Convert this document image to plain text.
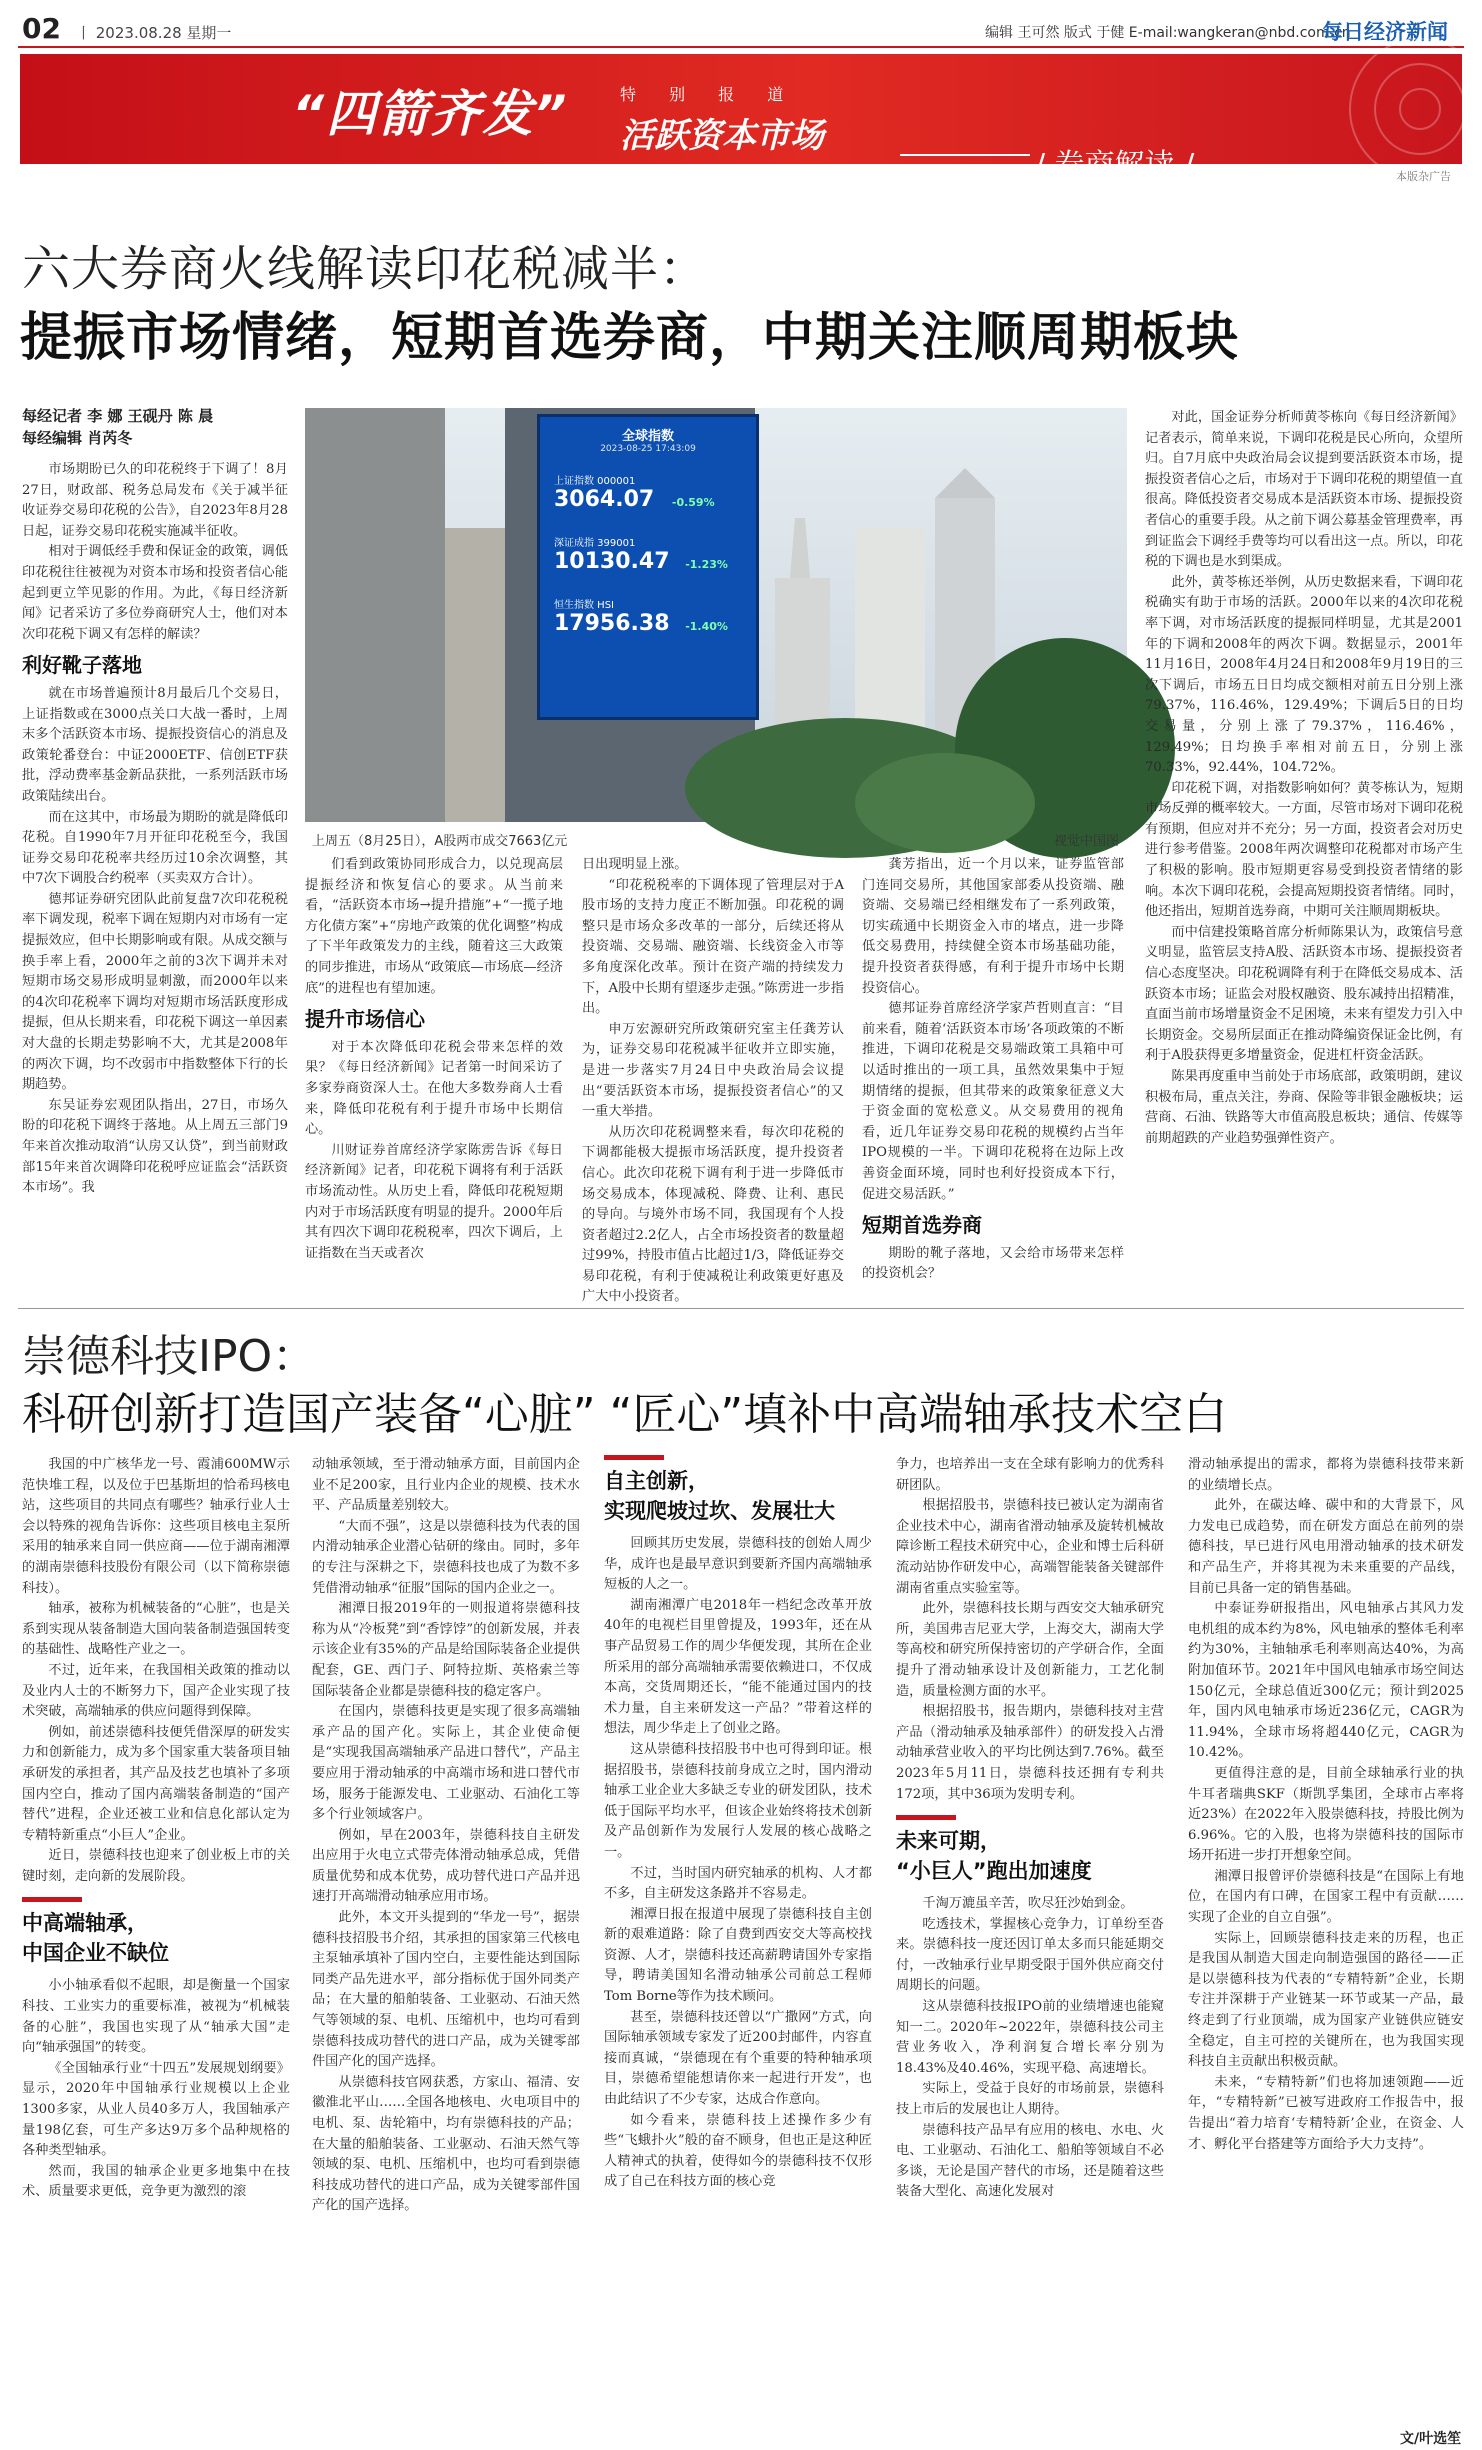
02 丨 2023.08.28 星期一	编辑 王可然 版式 于健 E-mail:wangkeran@nbd.com.cn
每日经济新闻
“四箭齐发”	特 别 报 道
活跃资本市场
/ 券商解读 /	本版杂广告
六大券商火线解读印花税减半：
提振市场情绪，短期首选券商，中期关注顺周期板块
每经记者 李 娜 王砚丹 陈 晨
每经编辑 肖芮冬

市场期盼已久的印花税终于下调了！8月27日，财政部、税务总局发布《关于减半征收证券交易印花税的公告》，自2023年8月28日起，证券交易印花税实施减半征收。

相对于调低经手费和保证金的政策，调低印花税往往被视为对资本市场和投资者信心能起到更立竿见影的作用。为此，《每日经济新闻》记者采访了多位券商研究人士，他们对本次印花税下调又有怎样的解读？

利好靴子落地

就在市场普遍预计8月最后几个交易日，上证指数或在3000点关口大战一番时，上周末多个活跃资本市场、提振投资信心的消息及政策轮番登台：中证2000ETF、信创ETF获批，浮动费率基金新品获批，一系列活跃市场政策陆续出台。

而在这其中，市场最为期盼的就是降低印花税。自1990年7月开征印花税至今，我国证券交易印花税率共经历过10余次调整，其中7次下调股合约税率（买卖双方合计）。

德邦证券研究团队此前复盘7次印花税税率下调发现，税率下调在短期内对市场有一定提振效应，但中长期影响或有限。从成交额与换手率上看，2000年之前的3次下调并未对短期市场交易形成明显刺激，而2000年以来的4次印花税率下调均对短期市场活跃度形成提振，但从长期来看，印花税下调这一单因素对大盘的长期走势影响不大，尤其是2008年的两次下调，均不改弱市中指数整体下行的长期趋势。

东吴证券宏观团队指出，27日，市场久盼的印花税下调终于落地。从上周五三部门9年来首次推动取消“认房又认贷”，到当前财政部15年来首次调降印花税呼应证监会“活跃资本市场”。我

全球指数
2023-08-25 17:43:09
上证指数 000001
3064.07 -0.59%
深证成指 399001
10130.47 -1.23%
恒生指数 HSI
17956.38 -1.40%
上周五（8月25日），A股两市成交7663亿元	视觉中国图

们看到政策协同形成合力，以兑现高层提振经济和恢复信心的要求。从当前来看，“活跃资本市场→提升措施”+“一揽子地方化债方案”+“房地产政策的优化调整”构成了下半年政策发力的主线，随着这三大政策的同步推进，市场从“政策底—市场底—经济底”的进程也有望加速。

提升市场信心

对于本次降低印花税会带来怎样的效果？《每日经济新闻》记者第一时间采访了多家券商资深人士。在他大多数券商人士看来，降低印花税有利于提升市场中长期信心。

川财证券首席经济学家陈雳告诉《每日经济新闻》记者，印花税下调将有利于活跃市场流动性。从历史上看，降低印花税短期内对于市场活跃度有明显的提升。2000年后其有四次下调印花税税率，四次下调后，上证指数在当天或者次

日出现明显上涨。

“印花税税率的下调体现了管理层对于A股市场的支持力度正不断加强。印花税的调整只是市场众多改革的一部分，后续还将从投资端、交易端、融资端、长线资金入市等多角度深化改革。预计在资产端的持续发力下，A股中长期有望逐步走强。”陈雳进一步指出。

申万宏源研究所政策研究室主任龚芳认为，证券交易印花税减半征收并立即实施，是进一步落实7月24日中央政治局会议提出“要活跃资本市场，提振投资者信心”的又一重大举措。

从历次印花税调整来看，每次印花税的下调都能极大提振市场活跃度，提升投资者信心。此次印花税下调有利于进一步降低市场交易成本，体现减税、降费、让利、惠民的导向。与境外市场不同，我国现有个人投资者超过2.2亿人，占全市场投资者的数量超过99%，持股市值占比超过1/3，降低证券交易印花税，有利于使减税让利政策更好惠及广大中小投资者。

龚芳指出，近一个月以来，证券监管部门连同交易所，其他国家部委从投资端、融资端、交易端已经相继发布了一系列政策，切实疏通中长期资金入市的堵点，进一步降低交易费用，持续健全资本市场基础功能，提升投资者获得感，有利于提升市场中长期投资信心。

德邦证券首席经济学家芦哲则直言：“目前来看，随着‘活跃资本市场’各项政策的不断推进，下调印花税是交易端政策工具箱中可以适时推出的一项工具，虽然效果集中于短期情绪的提振，但其带来的政策象征意义大于资金面的宽松意义。从交易费用的视角看，近几年证券交易印花税的规模约占当年IPO规模的一半。下调印花税将在边际上改善资金面环境，同时也利好投资成本下行，促进交易活跃。”

短期首选券商

期盼的靴子落地，又会给市场带来怎样的投资机会？

对此，国金证券分析师黄苓栋向《每日经济新闻》记者表示，简单来说，下调印花税是民心所向，众望所归。自7月底中央政治局会议提到要活跃资本市场，提振投资者信心之后，市场对于下调印花税的期望值一直很高。降低投资者交易成本是活跃资本市场、提振投资者信心的重要手段。从之前下调公募基金管理费率，再到证监会下调经手费等均可以看出这一点。所以，印花税的下调也是水到渠成。

此外，黄苓栋还举例，从历史数据来看，下调印花税确实有助于市场的活跃。2000年以来的4次印花税率下调，对市场活跃度的提振同样明显，尤其是2001年的下调和2008年的两次下调。数据显示，2001年11月16日，2008年4月24日和2008年9月19日的三次下调后，市场五日日均成交额相对前五日分别上涨79.37%，116.46%，129.49%；下调后5日的日均交易量，分别上涨了79.37%，116.46%，129.49%；日均换手率相对前五日，分别上涨70.33%，92.44%，104.72%。

印花税下调，对指数影响如何？黄苓栋认为，短期市场反弹的概率较大。一方面，尽管市场对下调印花税有预期，但应对并不充分；另一方面，投资者会对历史进行参考借鉴。2008年两次调整印花税都对市场产生了积极的影响。股市短期更容易受到投资者情绪的影响。本次下调印花税，会提高短期投资者情绪。同时，他还指出，短期首选券商，中期可关注顺周期板块。

而中信建投策略首席分析师陈果认为，政策信号意义明显，监管层支持A股、活跃资本市场、提振投资者信心态度坚决。印花税调降有利于在降低交易成本、活跃资本市场；证监会对股权融资、股东减持出招精准，直面当前市场增量资金不足困境，未来有望发力引入中长期资金。交易所层面正在推动降编资保证金比例，有利于A股获得更多增量资金，促进杠杆资金活跃。

陈果再度重申当前处于市场底部，政策明朗，建议积极布局，重点关注，券商、保险等非银金融板块；运营商、石油、铁路等大市值高股息板块；通信、传媒等前期超跌的产业趋势强弹性资产。

崇德科技IPO：
科研创新打造国产装备“心脏” “匠心”填补中高端轴承技术空白

我国的中广核华龙一号、霞浦600MW示范快堆工程，以及位于巴基斯坦的恰希玛核电站，这些项目的共同点有哪些？轴承行业人士会以特殊的视角告诉你：这些项目核电主泵所采用的轴承来自同一供应商——位于湖南湘潭的湖南崇德科技股份有限公司（以下简称崇德科技）。

轴承，被称为机械装备的“心脏”，也是关系到实现从装备制造大国向装备制造强国转变的基础性、战略性产业之一。

不过，近年来，在我国相关政策的推动以及业内人士的不断努力下，国产企业实现了技术突破，高端轴承的供应问题得到保障。

例如，前述崇德科技便凭借深厚的研发实力和创新能力，成为多个国家重大装备项目轴承研发的承担者，其产品及技艺也填补了多项国内空白，推动了国内高端装备制造的“国产替代”进程，企业还被工业和信息化部认定为专精特新重点“小巨人”企业。

近日，崇德科技也迎来了创业板上市的关键时刻，走向新的发展阶段。

中高端轴承，
中国企业不缺位

小小轴承看似不起眼，却是衡量一个国家科技、工业实力的重要标准，被视为“机械装备的心脏”，我国也实现了从“轴承大国”走向“轴承强国”的转变。

《全国轴承行业“十四五”发展规划纲要》显示，2020年中国轴承行业规模以上企业1300多家，从业人员40多万人，我国轴承产量198亿套，可生产多达9万多个品种规格的各种类型轴承。

然而，我国的轴承企业更多地集中在技术、质量要求更低，竞争更为激烈的滚

动轴承领域，至于滑动轴承方面，目前国内企业不足200家，且行业内企业的规模、技术水平、产品质量差别较大。

“大而不强”，这是以崇德科技为代表的国内滑动轴承企业潜心钻研的缘由。同时，多年的专注与深耕之下，崇德科技也成了为数不多凭借滑动轴承“征服”国际的国内企业之一。

湘潭日报2019年的一则报道将崇德科技称为从“冷板凳”到“香饽饽”的创新发展，并表示该企业有35%的产品是给国际装备企业提供配套，GE、西门子、阿特拉斯、英格索兰等国际装备企业都是崇德科技的稳定客户。

在国内，崇德科技更是实现了很多高端轴承产品的国产化。实际上，其企业使命便是“实现我国高端轴承产品进口替代”，产品主要应用于滑动轴承的中高端市场和进口替代市场，服务于能源发电、工业驱动、石油化工等多个行业领域客户。

例如，早在2003年，崇德科技自主研发出应用于火电立式带壳体滑动轴承总成，凭借质量优势和成本优势，成功替代进口产品并迅速打开高端滑动轴承应用市场。

此外，本文开头提到的“华龙一号”，据崇德科技招股书介绍，其承担的国家第三代核电主泵轴承填补了国内空白，主要性能达到国际同类产品先进水平，部分指标优于国外同类产品；在大量的船舶装备、工业驱动、石油天然气等领域的泵、电机、压缩机中，也均可看到崇德科技成功替代的进口产品，成为关键零部件国产化的国产选择。

从崇德科技官网获悉，方家山、福清、安徽淮北平山……全国各地核电、火电项目中的电机、泵、齿轮箱中，均有崇德科技的产品；在大量的船舶装备、工业驱动、石油天然气等领域的泵、电机、压缩机中，也均可看到崇德科技成功替代的进口产品，成为关键零部件国产化的国产选择。

自主创新，
实现爬坡过坎、发展壮大

回顾其历史发展，崇德科技的创始人周少华，成许也是最早意识到要新齐国内高端轴承短板的人之一。

湖南湘潭广电2018年一档纪念改革开放40年的电视栏目里曾提及，1993年，还在从事产品贸易工作的周少华便发现，其所在企业所采用的部分高端轴承需要依赖进口，不仅成本高，交货周期还长，“能不能通过国内的技术力量，自主来研发这一产品？”带着这样的想法，周少华走上了创业之路。

这从崇德科技招股书中也可得到印证。根据招股书，崇德科技前身成立之时，国内滑动轴承工业企业大多缺乏专业的研发团队，技术低于国际平均水平，但该企业始终将技术创新及产品创新作为发展行人发展的核心战略之一。

不过，当时国内研究轴承的机构、人才都不多，自主研发这条路并不容易走。

湘潭日报在报道中展现了崇德科技自主创新的艰难道路：除了自费到西安交大等高校找资源、人才，崇德科技还高薪聘请国外专家指导，聘请美国知名滑动轴承公司前总工程师Tom Borne等作为技术顾问。

甚至，崇德科技还曾以“广撒网”方式，向国际轴承领域专家发了近200封邮件，内容直接而真诚，“崇德现在有个重要的特种轴承项目，崇德希望能想请你来一起进行开发”，也由此结识了不少专家，达成合作意向。

如今看来，崇德科技上述操作多少有些“飞蛾扑火”般的奋不顾身，但也正是这种匠人精神式的执着，使得如今的崇德科技不仅形成了自己在科技方面的核心竞

争力，也培养出一支在全球有影响力的优秀科研团队。

根据招股书，崇德科技已被认定为湖南省企业技术中心，湖南省滑动轴承及旋转机械故障诊断工程技术研究中心，企业和博士后科研流动站协作研发中心，高端智能装备关键部件湖南省重点实验室等。

此外，崇德科技长期与西安交大轴承研究所，美国弗吉尼亚大学，上海交大，湖南大学等高校和研究所保持密切的产学研合作，全面提升了滑动轴承设计及创新能力，工艺化制造，质量检测方面的水平。

根据招股书，报告期内，崇德科技对主营产品（滑动轴承及轴承部件）的研发投入占滑动轴承营业收入的平均比例达到7.76%。截至2023年5月11日，崇德科技还拥有专利共172项，其中36项为发明专利。

未来可期，
“小巨人”跑出加速度

千淘万漉虽辛苦，吹尽狂沙始到金。

吃透技术，掌握核心竞争力，订单纷至沓来。崇德科技一度还因订单太多而只能延期交付，一改轴承行业早期受限于国外供应商交付周期长的问题。

这从崇德科技报IPO前的业绩增速也能窥知一二。2020年~2022年，崇德科技公司主营业务收入，净利润复合增长率分别为18.43%及40.46%，实现平稳、高速增长。

实际上，受益于良好的市场前景，崇德科技上市后的发展也让人期待。

崇德科技产品早有应用的核电、水电、火电、工业驱动、石油化工、船舶等领域自不必多谈，无论是国产替代的市场，还是随着这些装备大型化、高速化发展对

滑动轴承提出的需求，都将为崇德科技带来新的业绩增长点。

此外，在碳达峰、碳中和的大背景下，风力发电已成趋势，而在研发方面总在前列的崇德科技，早已进行风电用滑动轴承的技术研发和产品生产，并将其视为未来重要的产品线，目前已具备一定的销售基础。

中泰证券研报指出，风电轴承占其风力发电机组的成本约为8%，风电轴承的整体毛利率约为30%，主轴轴承毛利率则高达40%，为高附加值环节。2021年中国风电轴承市场空间达150亿元，全球总值近300亿元；预计到2025年，国内风电轴承市场近236亿元，CAGR为11.94%，全球市场将超440亿元，CAGR为10.42%。

更值得注意的是，目前全球轴承行业的执牛耳者瑞典SKF（斯凯孚集团，全球市占率将近23%）在2022年入股崇德科技，持股比例为6.96%。它的入股，也将为崇德科技的国际市场开拓进一步打开想象空间。

湘潭日报曾评价崇德科技是“在国际上有地位，在国内有口碑，在国家工程中有贡献……实现了企业的自立自强”。

实际上，回顾崇德科技走来的历程，也正是我国从制造大国走向制造强国的路径——正是以崇德科技为代表的“专精特新”企业，长期专注并深耕于产业链某一环节或某一产品，最终走到了行业顶端，成为国家产业链供应链安全稳定，自主可控的关键所在，也为我国实现科技自主贡献出积极贡献。

未来，“专精特新”们也将加速领跑——近年，“专精特新”已被写进政府工作报告中，报告提出“着力培育‘专精特新’企业，在资金、人才、孵化平台搭建等方面给予大力支持”。

文/叶选笙
